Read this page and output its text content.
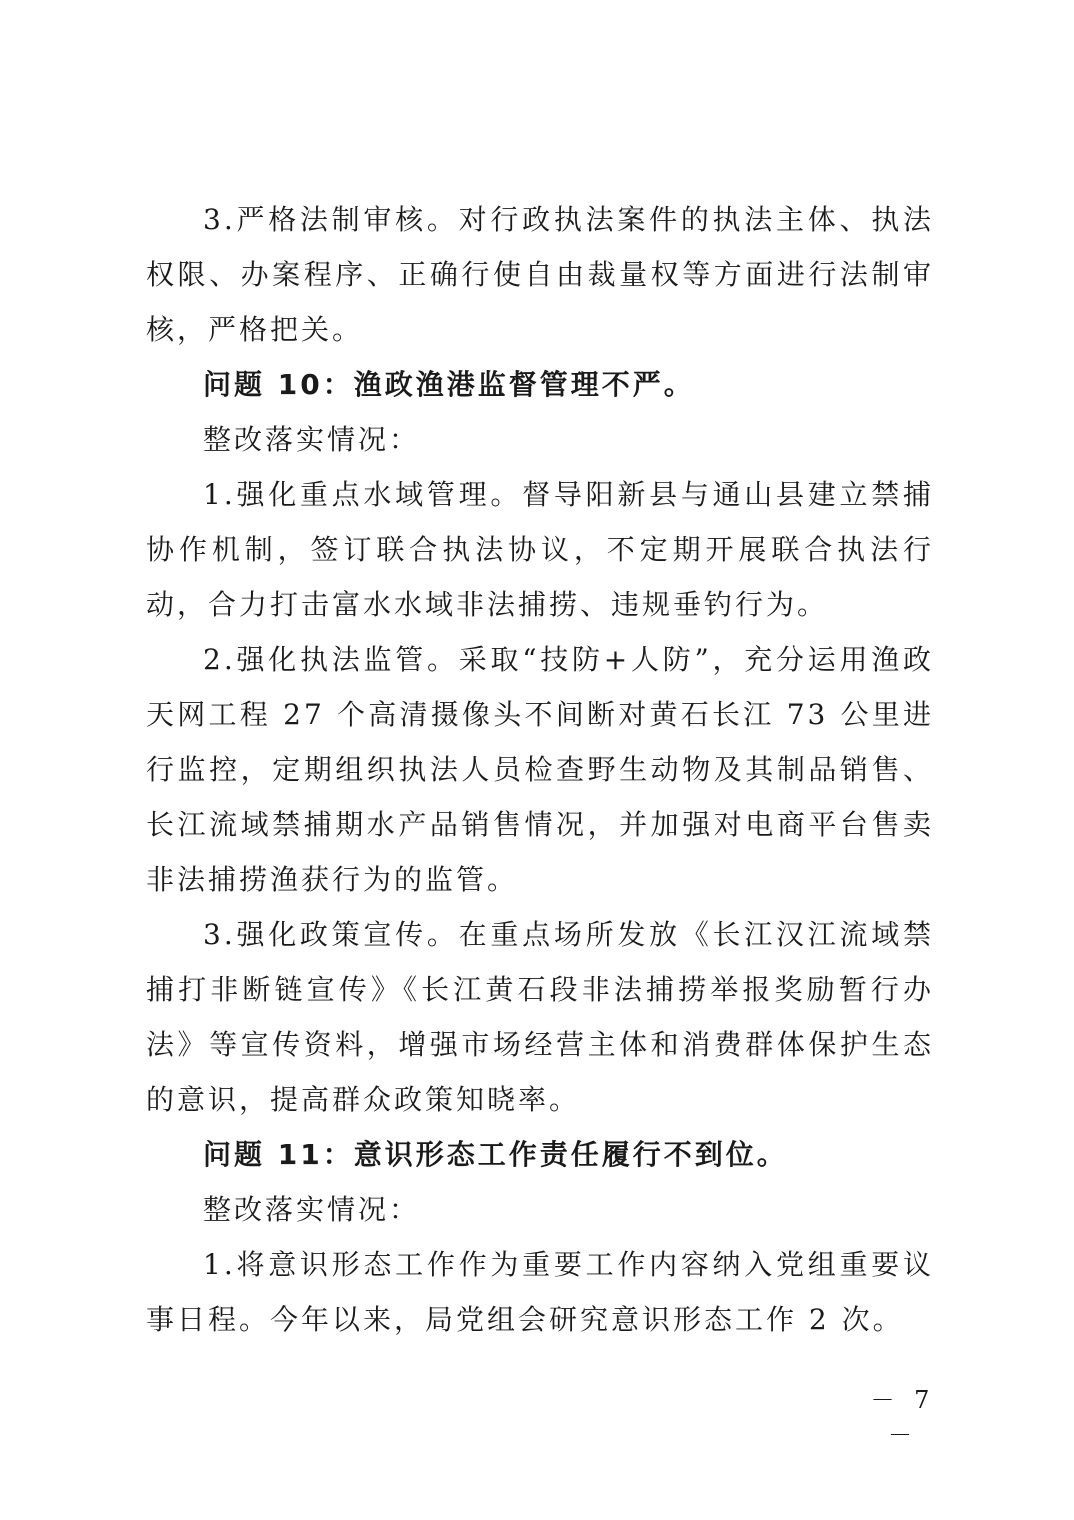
3.严格法制审核。对行政执法案件的执法主体、执法权限、办案程序、正确行使自由裁量权等方面进行法制审核，严格把关。

问题 10：渔政渔港监督管理不严。

整改落实情况：

1.强化重点水域管理。督导阳新县与通山县建立禁捕协作机制，签订联合执法协议，不定期开展联合执法行动，合力打击富水水域非法捕捞、违规垂钓行为。

2.强化执法监管。采取“技防+人防”，充分运用渔政天网工程 27 个高清摄像头不间断对黄石长江 73 公里进行监控，定期组织执法人员检查野生动物及其制品销售、长江流域禁捕期水产品销售情况，并加强对电商平台售卖非法捕捞渔获行为的监管。

3.强化政策宣传。在重点场所发放《长江汉江流域禁捕打非断链宣传》《长江黄石段非法捕捞举报奖励暂行办法》等宣传资料，增强市场经营主体和消费群体保护生态的意识，提高群众政策知晓率。

问题 11：意识形态工作责任履行不到位。

整改落实情况：

1.将意识形态工作作为重要工作内容纳入党组重要议事日程。今年以来，局党组会研究意识形态工作 2 次。

－ 7 －
